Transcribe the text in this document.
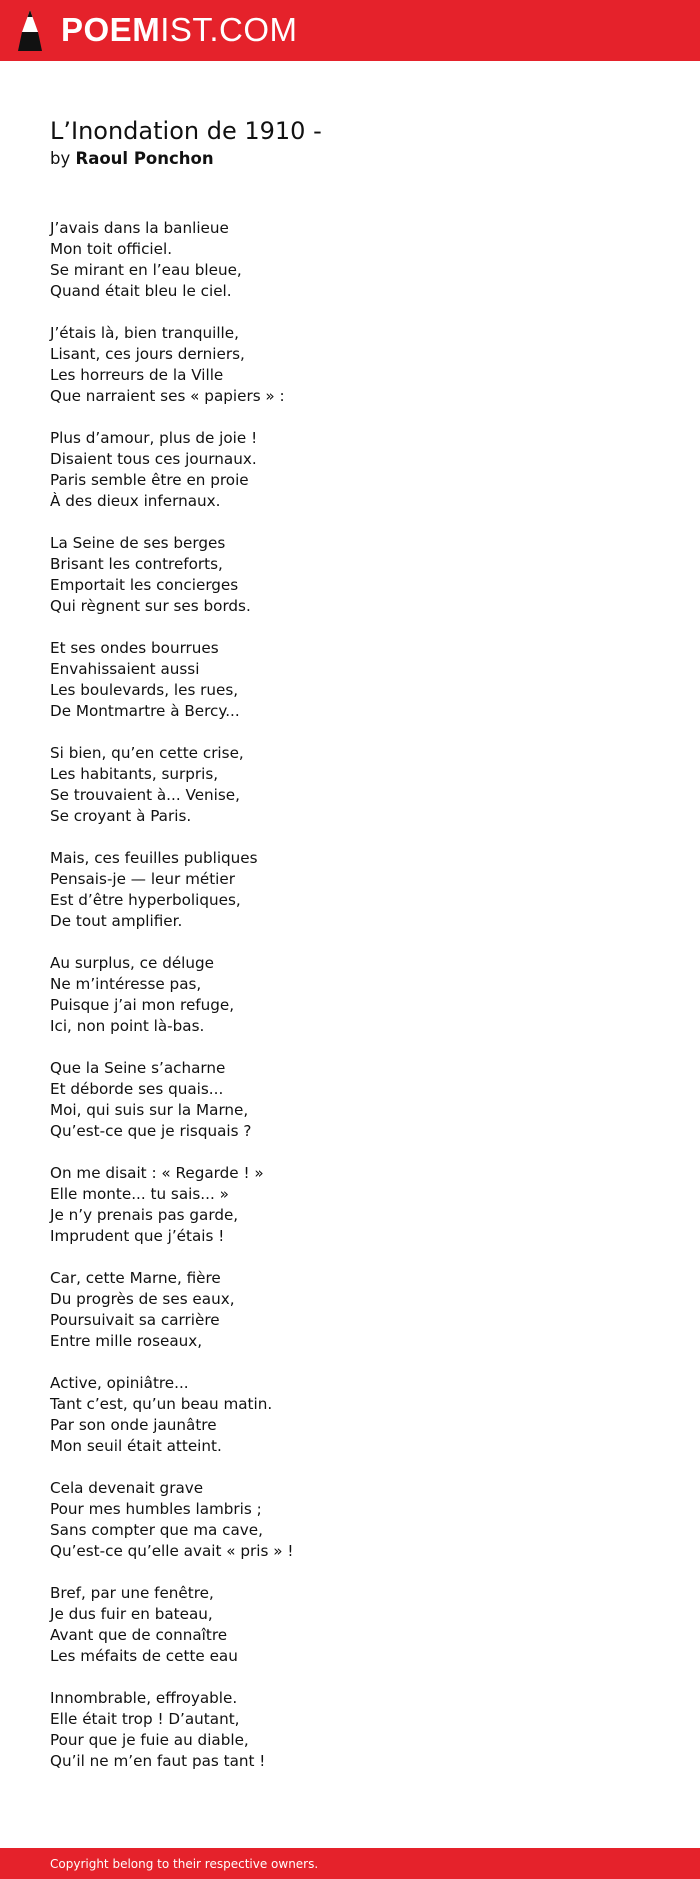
POEMIST.COM
L’Inondation de 1910 -
by Raoul Ponchon
J’avais dans la banlieue
Mon toit officiel.
Se mirant en l’eau bleue,
Quand était bleu le ciel.
J’étais là, bien tranquille,
Lisant, ces jours derniers,
Les horreurs de la Ville
Que narraient ses « papiers » :
Plus d’amour, plus de joie !
Disaient tous ces journaux.
Paris semble être en proie
À des dieux infernaux.
La Seine de ses berges
Brisant les contreforts,
Emportait les concierges
Qui règnent sur ses bords.
Et ses ondes bourrues
Envahissaient aussi
Les boulevards, les rues,
De Montmartre à Bercy...
Si bien, qu’en cette crise,
Les habitants, surpris,
Se trouvaient à... Venise,
Se croyant à Paris.
Mais, ces feuilles publiques
Pensais-je — leur métier
Est d’être hyperboliques,
De tout amplifier.
Au surplus, ce déluge
Ne m’intéresse pas,
Puisque j’ai mon refuge,
Ici, non point là-bas.
Que la Seine s’acharne
Et déborde ses quais...
Moi, qui suis sur la Marne,
Qu’est-ce que je risquais ?
On me disait : « Regarde ! »
Elle monte... tu sais... »
Je n’y prenais pas garde,
Imprudent que j’étais !
Car, cette Marne, fière
Du progrès de ses eaux,
Poursuivait sa carrière
Entre mille roseaux,
Active, opiniâtre...
Tant c’est, qu’un beau matin.
Par son onde jaunâtre
Mon seuil était atteint.
Cela devenait grave
Pour mes humbles lambris ;
Sans compter que ma cave,
Qu’est-ce qu’elle avait « pris » !
Bref, par une fenêtre,
Je dus fuir en bateau,
Avant que de connaître
Les méfaits de cette eau
Innombrable, effroyable.
Elle était trop ! D’autant,
Pour que je fuie au diable,
Qu’il ne m’en faut pas tant !
Copyright belong to their respective owners.
